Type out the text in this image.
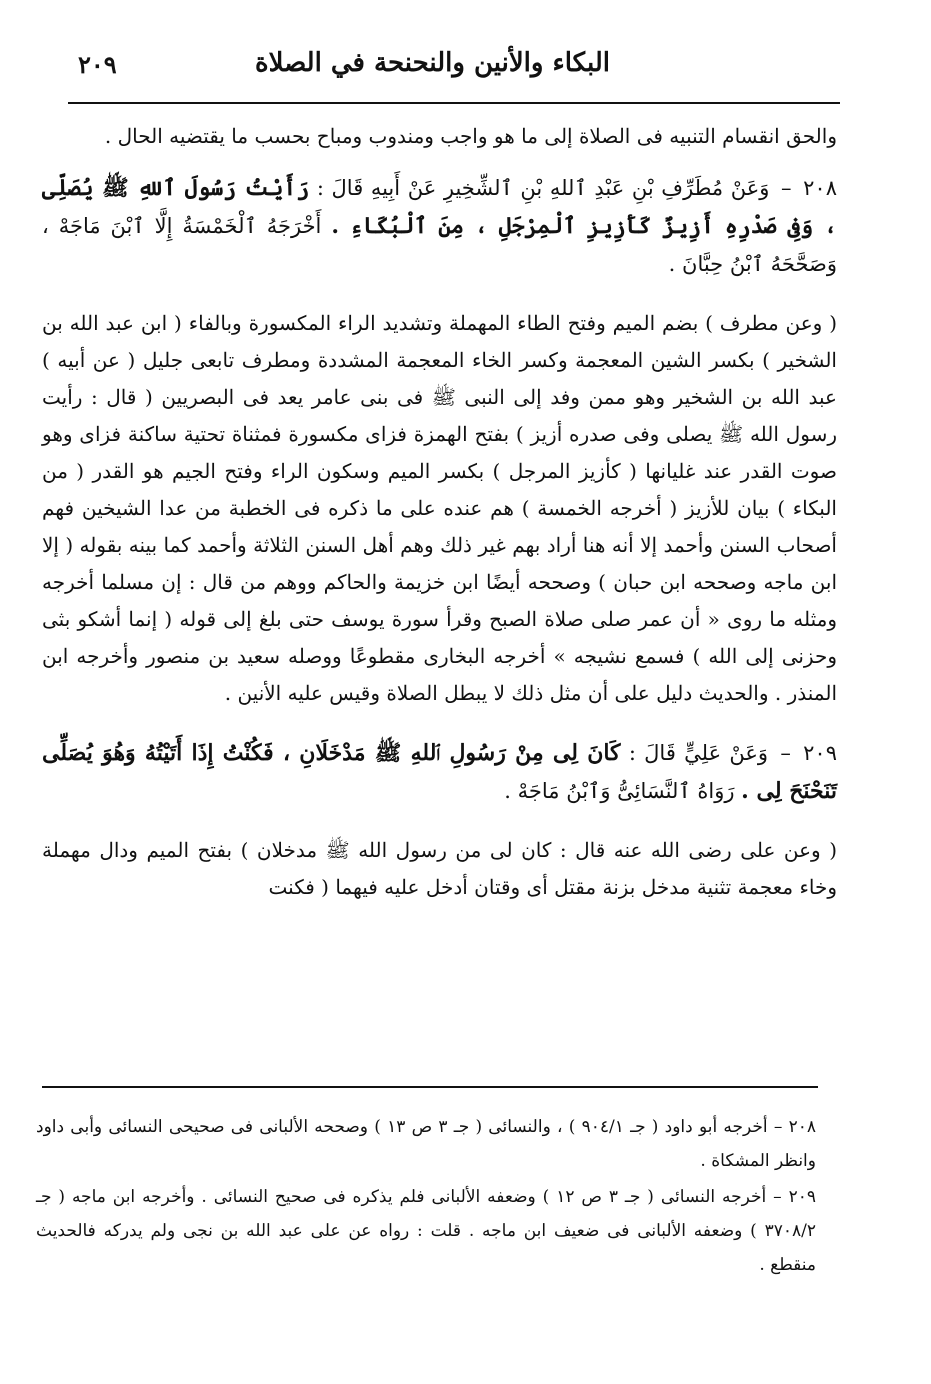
البكاء والأنين والنحنحة في الصلاة
٢٠٩

والحق انقسام التنبيه فى الصلاة إلى ما هو واجب ومندوب ومباح بحسب ما يقتضيه الحال .

٢٠٨ – وَعَنْ مُطَرِّفِ بْنِ عَبْدِ ٱللهِ بْنِ ٱلشِّخِيرِ عَنْ أَبِيهِ قَالَ : رَأَيْتُ رَسُولَ ٱللهِ ﷺ يُصَلِّى ، وَفِى صَدْرِهِ أَزِيزٌ كَأَزِيزِ ٱلْمِرْجَلِ ، مِنَ ٱلْبُكَاءِ . أَخْرَجَهُ ٱلْخَمْسَةُ إِلَّا ٱبْنَ مَاجَهْ ، وَصَحَّحَهُ ٱبْنُ حِبَّانَ .

( وعن مطرف ) بضم الميم وفتح الطاء المهملة وتشديد الراء المكسورة وبالفاء ( ابن عبد الله بن الشخير ) بكسر الشين المعجمة وكسر الخاء المعجمة المشددة ومطرف تابعى جليل ( عن أبيه ) عبد الله بن الشخير وهو ممن وفد إلى النبى ﷺ فى بنى عامر يعد فى البصريين ( قال : رأيت رسول الله ﷺ يصلى وفى صدره أزيز ) بفتح الهمزة فزاى مكسورة فمثناة تحتية ساكنة فزاى وهو صوت القدر عند غليانها ( كأزيز المرجل ) بكسر الميم وسكون الراء وفتح الجيم هو القدر ( من البكاء ) بيان للأزيز ( أخرجه الخمسة ) هم عنده على ما ذكره فى الخطبة من عدا الشيخين فهم أصحاب السنن وأحمد إلا أنه هنا أراد بهم غير ذلك وهم أهل السنن الثلاثة وأحمد كما بينه بقوله ( إلا ابن ماجه وصححه ابن حبان ) وصححه أيضًا ابن خزيمة والحاكم ووهم من قال : إن مسلما أخرجه ومثله ما روى « أن عمر صلى صلاة الصبح وقرأ سورة يوسف حتى بلغ إلى قوله ( إنما أشكو بثى وحزنى إلى الله ) فسمع نشيجه » أخرجه البخارى مقطوعًا ووصله سعيد بن منصور وأخرجه ابن المنذر . والحديث دليل على أن مثل ذلك لا يبطل الصلاة وقيس عليه الأنين .

٢٠٩ – وَعَنْ عَلِيٍّ قَالَ : كَانَ لِى مِنْ رَسُولِ ٱللهِ ﷺ مَدْخَلَانِ ، فَكُنْتُ إِذَا أَتَيْتُهُ وَهُوَ يُصَلِّى تَنَحْنَحَ لِى . رَوَاهُ ٱلنَّسَائِىُّ وَٱبْنُ مَاجَهْ .

( وعن على رضى الله عنه قال : كان لى من رسول الله ﷺ مدخلان ) بفتح الميم ودال مهملة وخاء معجمة تثنية مدخل بزنة مقتل أى وقتان أدخل عليه فيهما ( فكنت

٢٠٨ – أخرجه أبو داود ( جـ ٩٠٤/١ ) ، والنسائى ( جـ ٣ ص ١٣ ) وصححه الألبانى فى صحيحى النسائى وأبى داود وانظر المشكاة .

٢٠٩ – أخرجه النسائى ( جـ ٣ ص ١٢ ) وضعفه الألبانى فلم يذكره فى صحيح النسائى . وأخرجه ابن ماجه ( جـ ٣٧٠٨/٢ ) وضعفه الألبانى فى ضعيف ابن ماجه . قلت : رواه عن على عبد الله بن نجى ولم يدركه فالحديث منقطع .
